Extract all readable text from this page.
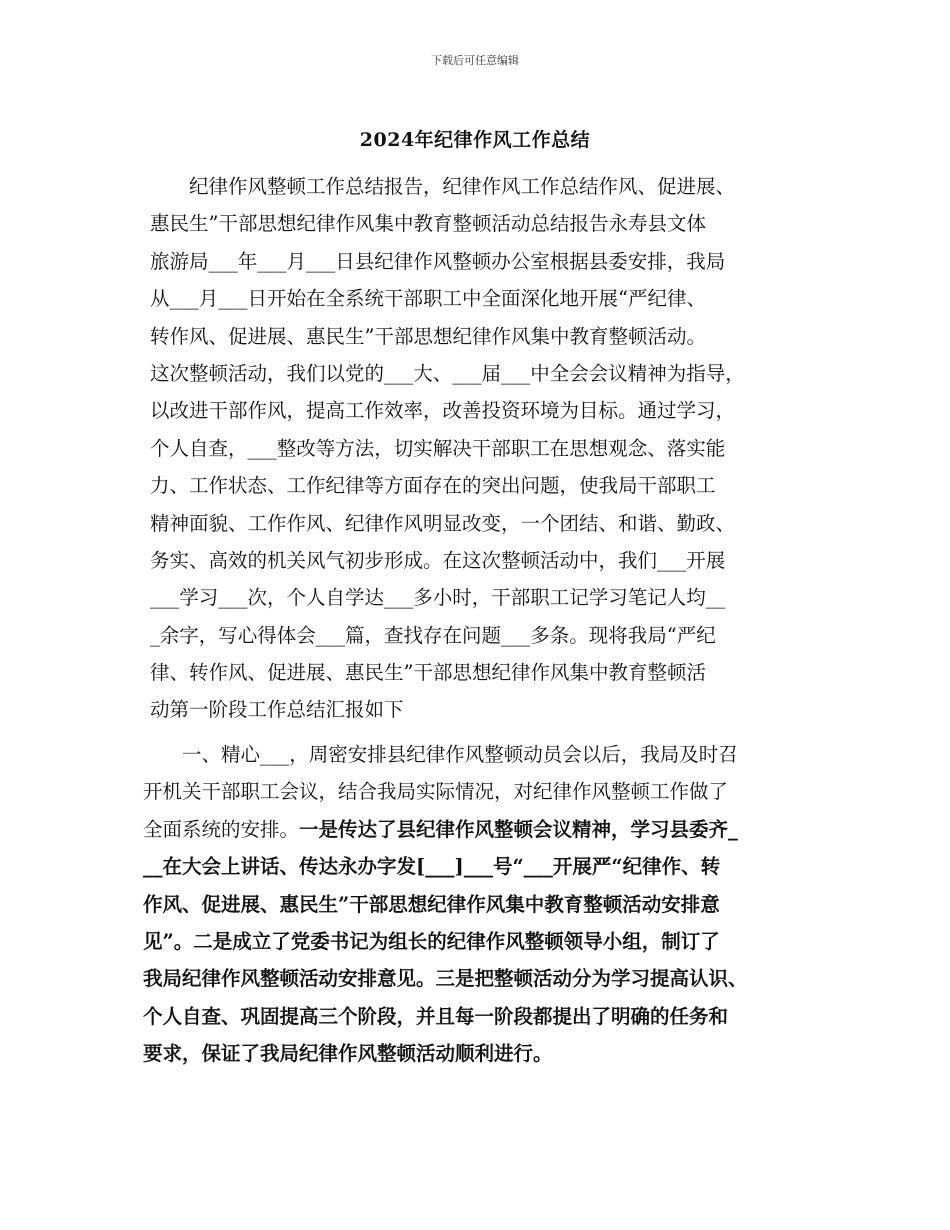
下载后可任意编辑
2024年纪律作风工作总结
　　纪律作风整顿工作总结报告，纪律作风工作总结作风、促进展、
惠民生”干部思想纪律作风集中教育整顿活动总结报告永寿县文体
旅游局___年___月___日县纪律作风整顿办公室根据县委安排，我局
从___月___日开始在全系统干部职工中全面深化地开展“严纪律、
转作风、促进展、惠民生”干部思想纪律作风集中教育整顿活动。
这次整顿活动，我们以党的___大、___届___中全会会议精神为指导，
以改进干部作风，提高工作效率，改善投资环境为目标。通过学习，
个人自查，___整改等方法，切实解决干部职工在思想观念、落实能
力、工作状态、工作纪律等方面存在的突出问题，使我局干部职工
精神面貌、工作作风、纪律作风明显改变，一个团结、和谐、勤政、
务实、高效的机关风气初步形成。在这次整顿活动中，我们___开展
___学习___次，个人自学达___多小时，干部职工记学习笔记人均__
_余字，写心得体会___篇，查找存在问题___多条。现将我局“严纪
律、转作风、促进展、惠民生”干部思想纪律作风集中教育整顿活
动第一阶段工作总结汇报如下
　　一、精心___，周密安排县纪律作风整顿动员会以后，我局及时召
开机关干部职工会议，结合我局实际情况，对纪律作风整顿工作做了
全面系统的安排。一是传达了县纪律作风整顿会议精神，学习县委齐_
__在大会上讲话、传达永办字发[___]___号“___开展严“纪律作、转
作风、促进展、惠民生”干部思想纪律作风集中教育整顿活动安排意
见”。二是成立了党委书记为组长的纪律作风整顿领导小组，制订了
我局纪律作风整顿活动安排意见。三是把整顿活动分为学习提高认识、
个人自查、巩固提高三个阶段，并且每一阶段都提出了明确的任务和
要求，保证了我局纪律作风整顿活动顺利进行。
